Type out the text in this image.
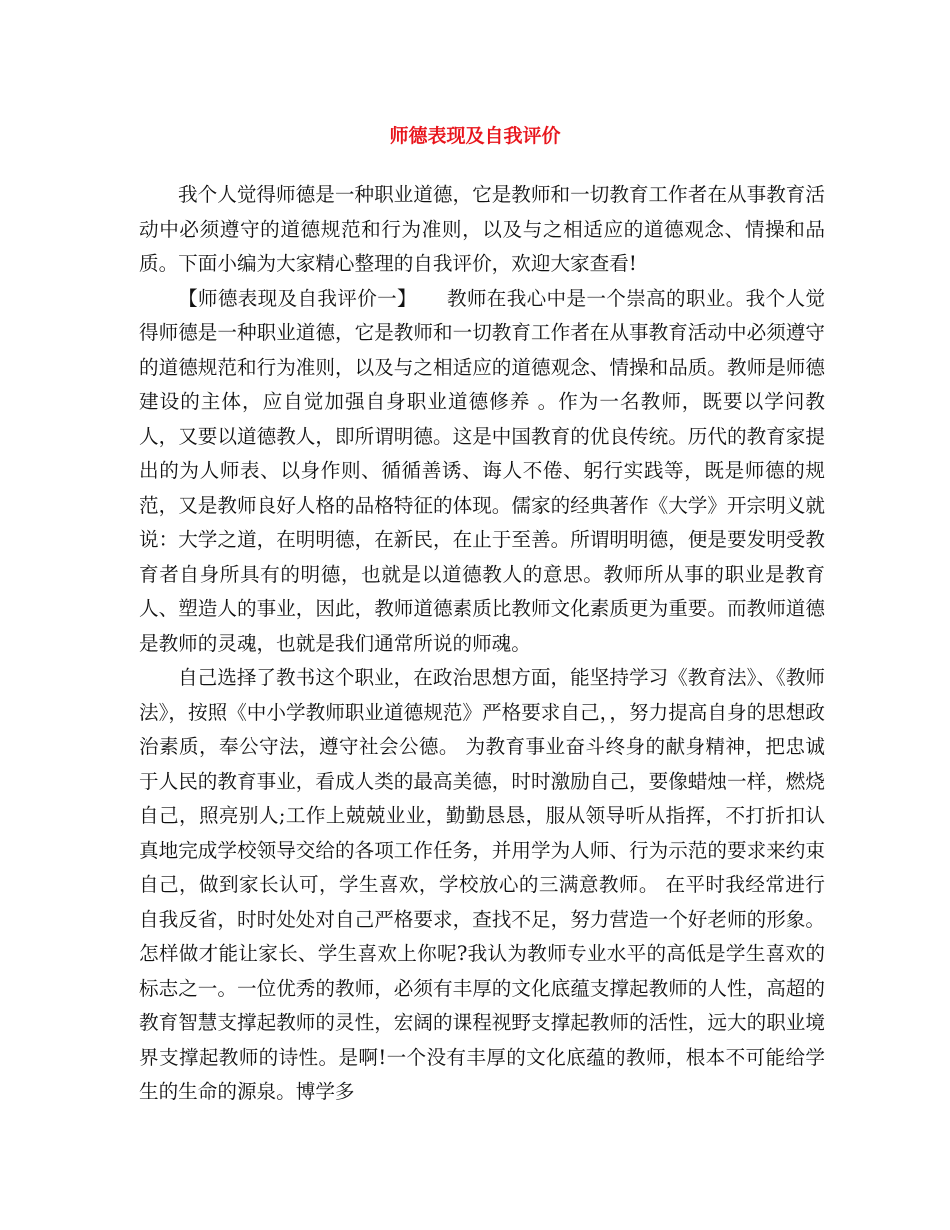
师德表现及自我评价

我个人觉得师德是一种职业道德，它是教师和一切教育工作者在从事教育活动中必须遵守的道德规范和行为准则，以及与之相适应的道德观念、情操和品质。下面小编为大家精心整理的自我评价，欢迎大家查看!

【师德表现及自我评价一】　　教师在我心中是一个崇高的职业。我个人觉得师德是一种职业道德，它是教师和一切教育工作者在从事教育活动中必须遵守的道德规范和行为准则，以及与之相适应的道德观念、情操和品质。教师是师德建设的主体，应自觉加强自身职业道德修养 。作为一名教师，既要以学问教人，又要以道德教人，即所谓明德。这是中国教育的优良传统。历代的教育家提出的为人师表、以身作则、循循善诱、诲人不倦、躬行实践等，既是师德的规范，又是教师良好人格的品格特征的体现。儒家的经典著作《大学》开宗明义就说：大学之道，在明明德，在新民，在止于至善。所谓明明德，便是要发明受教育者自身所具有的明德，也就是以道德教人的意思。教师所从事的职业是教育人、塑造人的事业，因此，教师道德素质比教师文化素质更为重要。而教师道德是教师的灵魂，也就是我们通常所说的师魂。

自己选择了教书这个职业，在政治思想方面，能坚持学习《教育法》、《教师法》，按照《中小学教师职业道德规范》严格要求自己，，努力提高自身的思想政治素质，奉公守法，遵守社会公德。 为教育事业奋斗终身的献身精神，把忠诚于人民的教育事业，看成人类的最高美德，时时激励自己，要像蜡烛一样，燃烧自己，照亮别人;工作上兢兢业业，勤勤恳恳，服从领导听从指挥，不打折扣认真地完成学校领导交给的各项工作任务，并用学为人师、行为示范的要求来约束自己，做到家长认可，学生喜欢，学校放心的三满意教师。 在平时我经常进行自我反省，时时处处对自己严格要求，查找不足，努力营造一个好老师的形象。怎样做才能让家长、学生喜欢上你呢?我认为教师专业水平的高低是学生喜欢的标志之一。一位优秀的教师，必须有丰厚的文化底蕴支撑起教师的人性，高超的教育智慧支撑起教师的灵性，宏阔的课程视野支撑起教师的活性，远大的职业境界支撑起教师的诗性。是啊!一个没有丰厚的文化底蕴的教师，根本不可能给学生的生命的源泉。博学多
